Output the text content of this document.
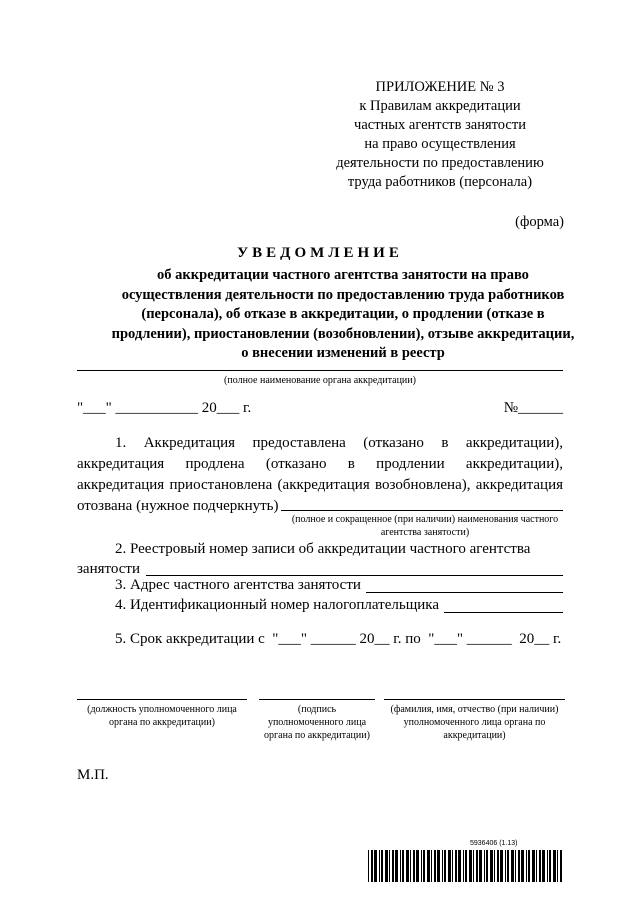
ПРИЛОЖЕНИЕ № 3
к Правилам аккредитации
частных агентств занятости
на право осуществления
деятельности по предоставлению
труда работников (персонала)
(форма)
УВЕДОМЛЕНИЕ
об аккредитации частного агентства занятости на право
осуществления деятельности по предоставлению труда работников
(персонала), об отказе в аккредитации, о продлении (отказе в
продлении), приостановлении (возобновлении), отзыве аккредитации,
о внесении изменений в реестр
(полное наименование органа аккредитации)
"___" ___________ 20___ г.	№______
1. Аккредитация предоставлена (отказано в аккредитации),
аккредитация продлена (отказано в продлении аккредитации),
аккредитация приостановлена (аккредитация возобновлена), аккредитация
отозвана (нужное подчеркнуть)
(полное и сокращенное (при наличии) наименования частного агентства занятости)
2. Реестровый номер записи об аккредитации частного агентства
занятости
3. Адрес частного агентства занятости
4. Идентификационный номер налогоплательщика
5. Срок аккредитации с  "___" ______ 20__ г. по  "___" ______  20__ г.
(должность уполномоченного лица органа по аккредитации)
(подпись уполномоченного лица органа по аккредитации)
(фамилия, имя, отчество (при наличии) уполномоченного лица органа по аккредитации)
М.П.
5936406 (1.13)
